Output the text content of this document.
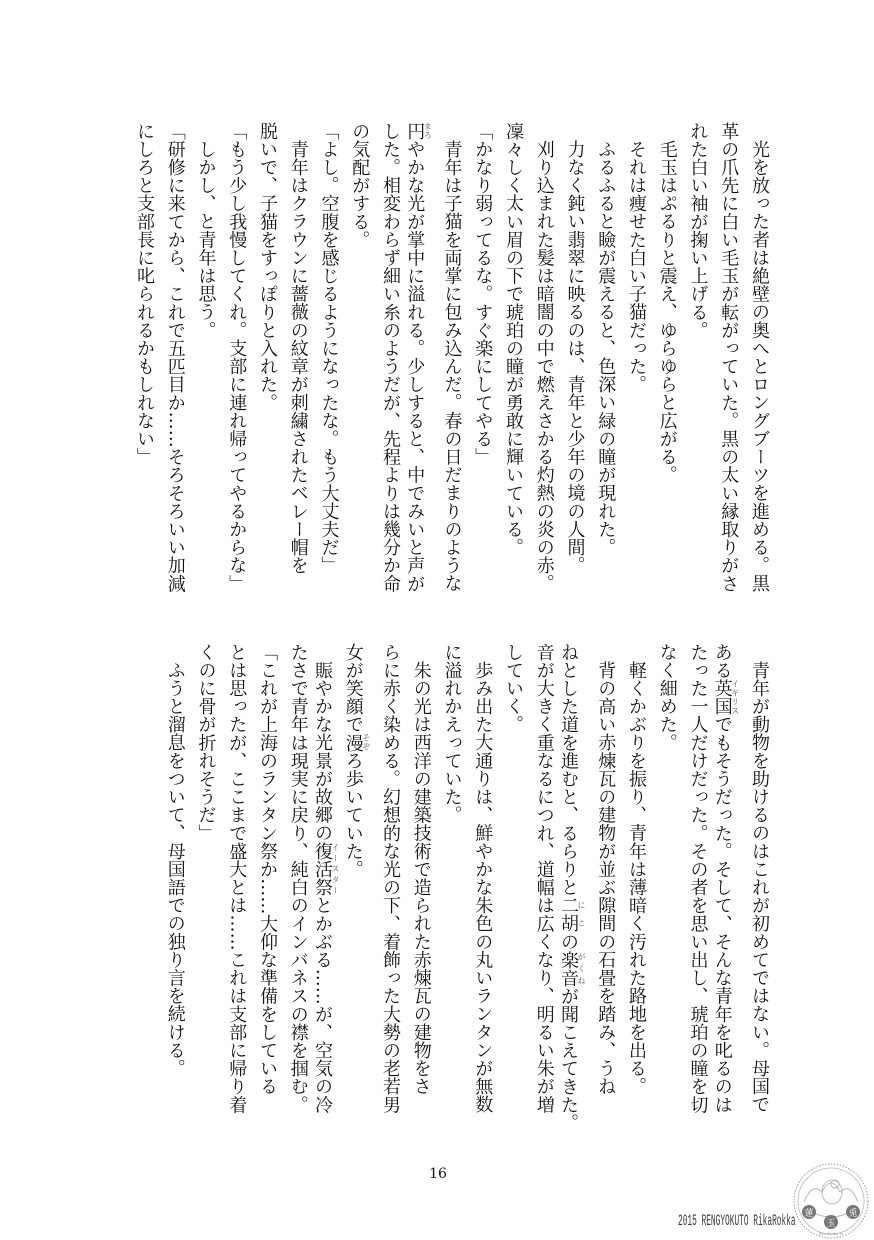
光を放った者は絶壁の奥へとロングブーツを進める。黒
革の爪先に白い毛玉が転がっていた。黒の太い縁取りがさ
れた白い袖が掬い上げる。
毛玉はぷるりと震え、ゆらゆらと広がる。
それは痩せた白い子猫だった。
ふるふると瞼が震えると、色深い緑の瞳が現れた。
力なく鈍い翡翠に映るのは、青年と少年の境の人間。
刈り込まれた髪は暗闇の中で燃えさかる灼熱の炎の赤。
凜々しく太い眉の下で琥珀の瞳が勇敢に輝いている。
「かなり弱ってるな。すぐ楽にしてやる」
青年は子猫を両掌に包み込んだ。春の日だまりのような
円まろやかな光が掌中に溢れる。少しすると、中でみいと声が
した。相変わらず細い糸のようだが、先程よりは幾分か命
の気配がする。
「よし。空腹を感じるようになったな。もう大丈夫だ」
青年はクラウンに薔薇の紋章が刺繍されたベレー帽を
脱いで、子猫をすっぽりと入れた。
「もう少し我慢してくれ。支部に連れ帰ってやるからな」
しかし、と青年は思う。
「研修に来てから、これで五匹目か……そろそろいい加減
にしろと支部長に叱られるかもしれない」
青年が動物を助けるのはこれが初めてではない。母国で
ある英国イギリスでもそうだった。そして、そんな青年を叱るのは
たった一人だけだった。その者を思い出し、琥珀の瞳を切
なく細めた。
軽くかぶりを振り、青年は薄暗く汚れた路地を出る。
背の高い赤煉瓦の建物が並ぶ隙間の石畳を踏み、うね
ねとした道を進むと、るらりと二胡にこの楽音がくねが聞こえてきた。
音が大きく重なるにつれ、道幅は広くなり、明るい朱が増
していく。
歩み出た大通りは、鮮やかな朱色の丸いランタンが無数
に溢れかえっていた。
朱の光は西洋の建築技術で造られた赤煉瓦の建物をさ
らに赤く染める。幻想的な光の下、着飾った大勢の老若男
女が笑顔で漫そぞろ歩いていた。
賑やかな光景が故郷の復活祭イースターとかぶる……が、空気の冷
たさで青年は現実に戻り、純白のインバネスの襟を掴む。
「これが上海のランタン祭か……大仰な準備をしている
とは思ったが、ここまで盛大とは……これは支部に帰り着
くのに骨が折れそうだ」
ふうと溜息をついて、母国語での独り言を続ける。
16
2015 RENGYOKUTO RikaRokka 蓮
玉
兎
Ren Gyoku To
